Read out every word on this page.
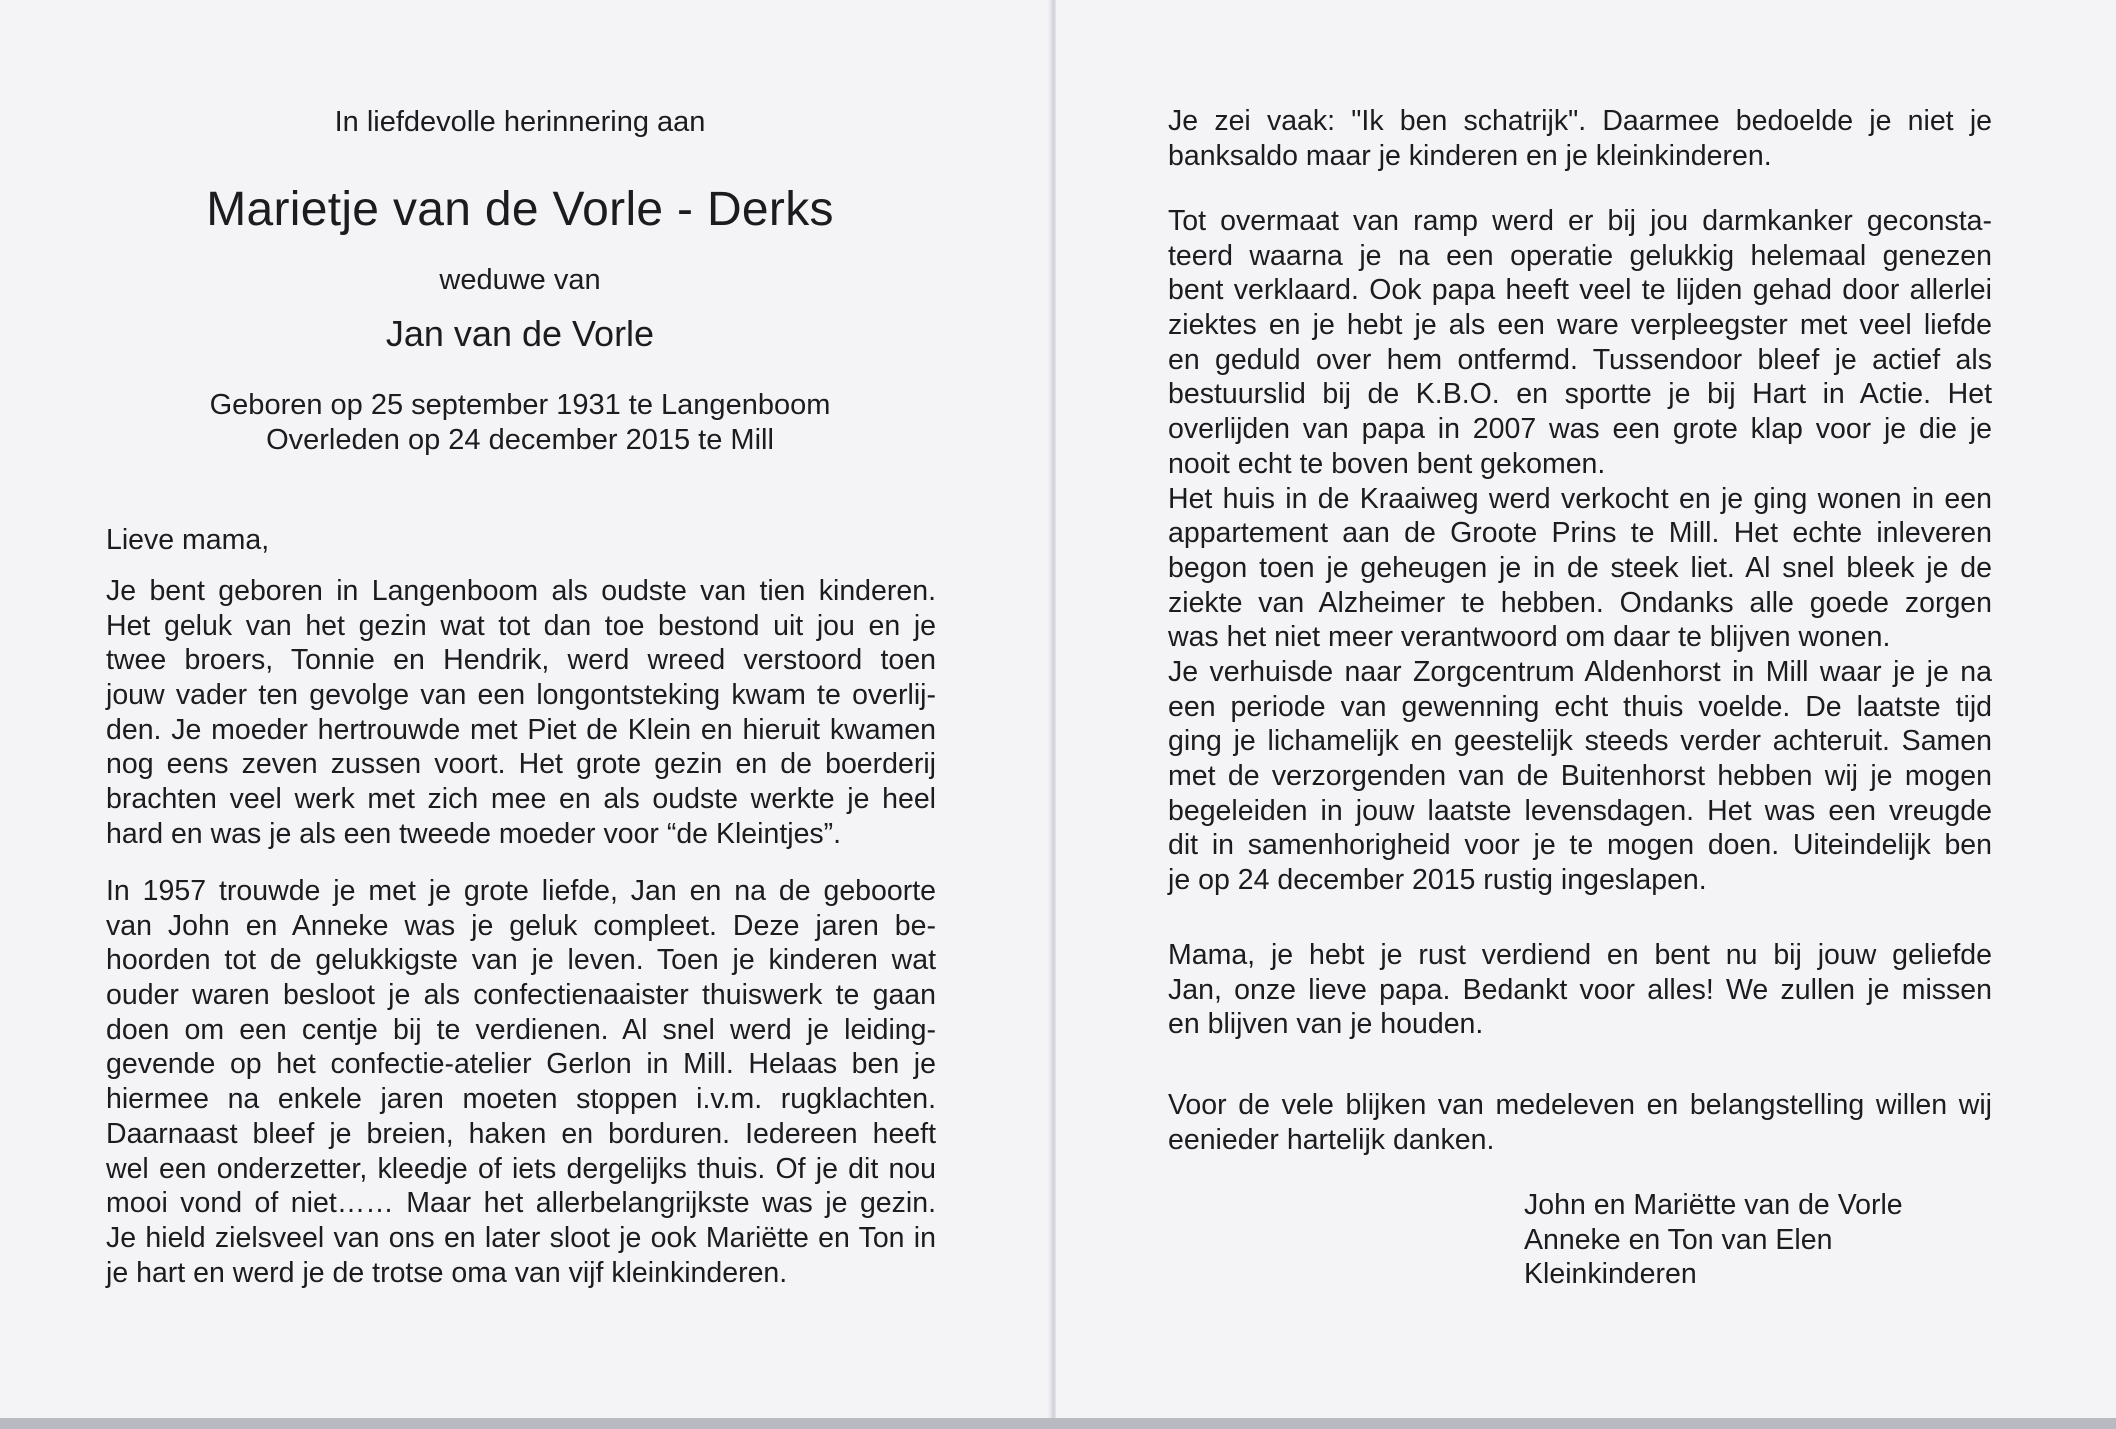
In liefdevolle herinnering aan
Marietje van de Vorle - Derks
weduwe van
Jan van de Vorle
Geboren op 25 september 1931 te Langenboom
Overleden op 24 december 2015 te Mill
Lieve mama,
Je bent geboren in Langenboom als oudste van tien kinderen.
Het geluk van het gezin wat tot dan toe bestond uit jou en je
twee broers, Tonnie en Hendrik, werd wreed verstoord toen
jouw vader ten gevolge van een longontsteking kwam te overlij-
den. Je moeder hertrouwde met Piet de Klein en hieruit kwamen
nog eens zeven zussen voort. Het grote gezin en de boerderij
brachten veel werk met zich mee en als oudste werkte je heel
hard en was je als een tweede moeder voor “de Kleintjes”.
In 1957 trouwde je met je grote liefde, Jan en na de geboorte
van John en Anneke was je geluk compleet. Deze jaren be-
hoorden tot de gelukkigste van je leven. Toen je kinderen wat
ouder waren besloot je als confectienaaister thuiswerk te gaan
doen om een centje bij te verdienen. Al snel werd je leiding-
gevende op het confectie-atelier Gerlon in Mill. Helaas ben je
hiermee na enkele jaren moeten stoppen i.v.m. rugklachten.
Daarnaast bleef je breien, haken en borduren. Iedereen heeft
wel een onderzetter, kleedje of iets dergelijks thuis. Of je dit nou
mooi vond of niet…… Maar het allerbelangrijkste was je gezin.
Je hield zielsveel van ons en later sloot je ook Mariëtte en Ton in
je hart en werd je de trotse oma van vijf kleinkinderen.
Je zei vaak: "Ik ben schatrijk". Daarmee bedoelde je niet je
banksaldo maar je kinderen en je kleinkinderen.
Tot overmaat van ramp werd er bij jou darmkanker geconsta-
teerd waarna je na een operatie gelukkig helemaal genezen
bent verklaard. Ook papa heeft veel te lijden gehad door allerlei
ziektes en je hebt je als een ware verpleegster met veel liefde
en geduld over hem ontfermd. Tussendoor bleef je actief als
bestuurslid bij de K.B.O. en sportte je bij Hart in Actie. Het
overlijden van papa in 2007 was een grote klap voor je die je
nooit echt te boven bent gekomen.
Het huis in de Kraaiweg werd verkocht en je ging wonen in een
appartement aan de Groote Prins te Mill. Het echte inleveren
begon toen je geheugen je in de steek liet. Al snel bleek je de
ziekte van Alzheimer te hebben. Ondanks alle goede zorgen
was het niet meer verantwoord om daar te blijven wonen.
Je verhuisde naar Zorgcentrum Aldenhorst in Mill waar je je na
een periode van gewenning echt thuis voelde. De laatste tijd
ging je lichamelijk en geestelijk steeds verder achteruit. Samen
met de verzorgenden van de Buitenhorst hebben wij je mogen
begeleiden in jouw laatste levensdagen. Het was een vreugde
dit in samenhorigheid voor je te mogen doen. Uiteindelijk ben
je op 24 december 2015 rustig ingeslapen.
Mama, je hebt je rust verdiend en bent nu bij jouw geliefde
Jan, onze lieve papa. Bedankt voor alles! We zullen je missen
en blijven van je houden.
Voor de vele blijken van medeleven en belangstelling willen wij
eenieder hartelijk danken.
John en Mariëtte van de Vorle
Anneke en Ton van Elen
Kleinkinderen
